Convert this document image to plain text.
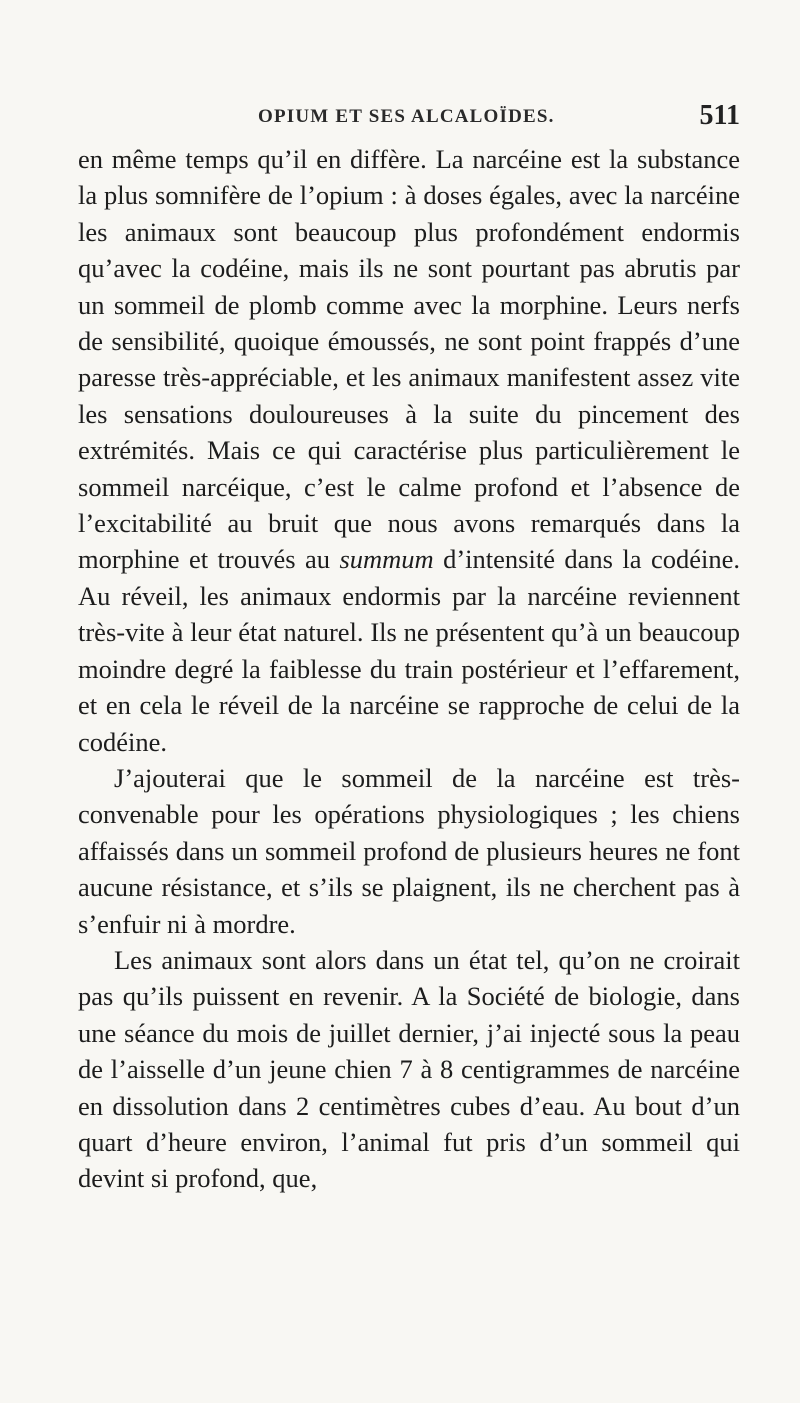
OPIUM ET SES ALCALOÏDES.	511

en même temps qu’il en diffère. La narcéine est la substance la plus somnifère de l’opium : à doses égales, avec la narcéine les animaux sont beaucoup plus profondément endormis qu’avec la codéine, mais ils ne sont pourtant pas abrutis par un sommeil de plomb comme avec la morphine. Leurs nerfs de sensibilité, quoique émoussés, ne sont point frappés d’une paresse très-appréciable, et les animaux manifestent assez vite les sensations douloureuses à la suite du pincement des extrémités. Mais ce qui caractérise plus particulièrement le sommeil narcéique, c’est le calme profond et l’absence de l’excitabilité au bruit que nous avons remarqués dans la morphine et trouvés au summum d’intensité dans la codéine. Au réveil, les animaux endormis par la narcéine reviennent très-vite à leur état naturel. Ils ne présentent qu’à un beaucoup moindre degré la faiblesse du train postérieur et l’effarement, et en cela le réveil de la narcéine se rapproche de celui de la codéine.

J’ajouterai que le sommeil de la narcéine est très-convenable pour les opérations physiologiques ; les chiens affaissés dans un sommeil profond de plusieurs heures ne font aucune résistance, et s’ils se plaignent, ils ne cherchent pas à s’enfuir ni à mordre.

Les animaux sont alors dans un état tel, qu’on ne croirait pas qu’ils puissent en revenir. A la Société de biologie, dans une séance du mois de juillet dernier, j’ai injecté sous la peau de l’aisselle d’un jeune chien 7 à 8 centigrammes de narcéine en dissolution dans 2 centimètres cubes d’eau. Au bout d’un quart d’heure environ, l’animal fut pris d’un sommeil qui devint si profond, que,
